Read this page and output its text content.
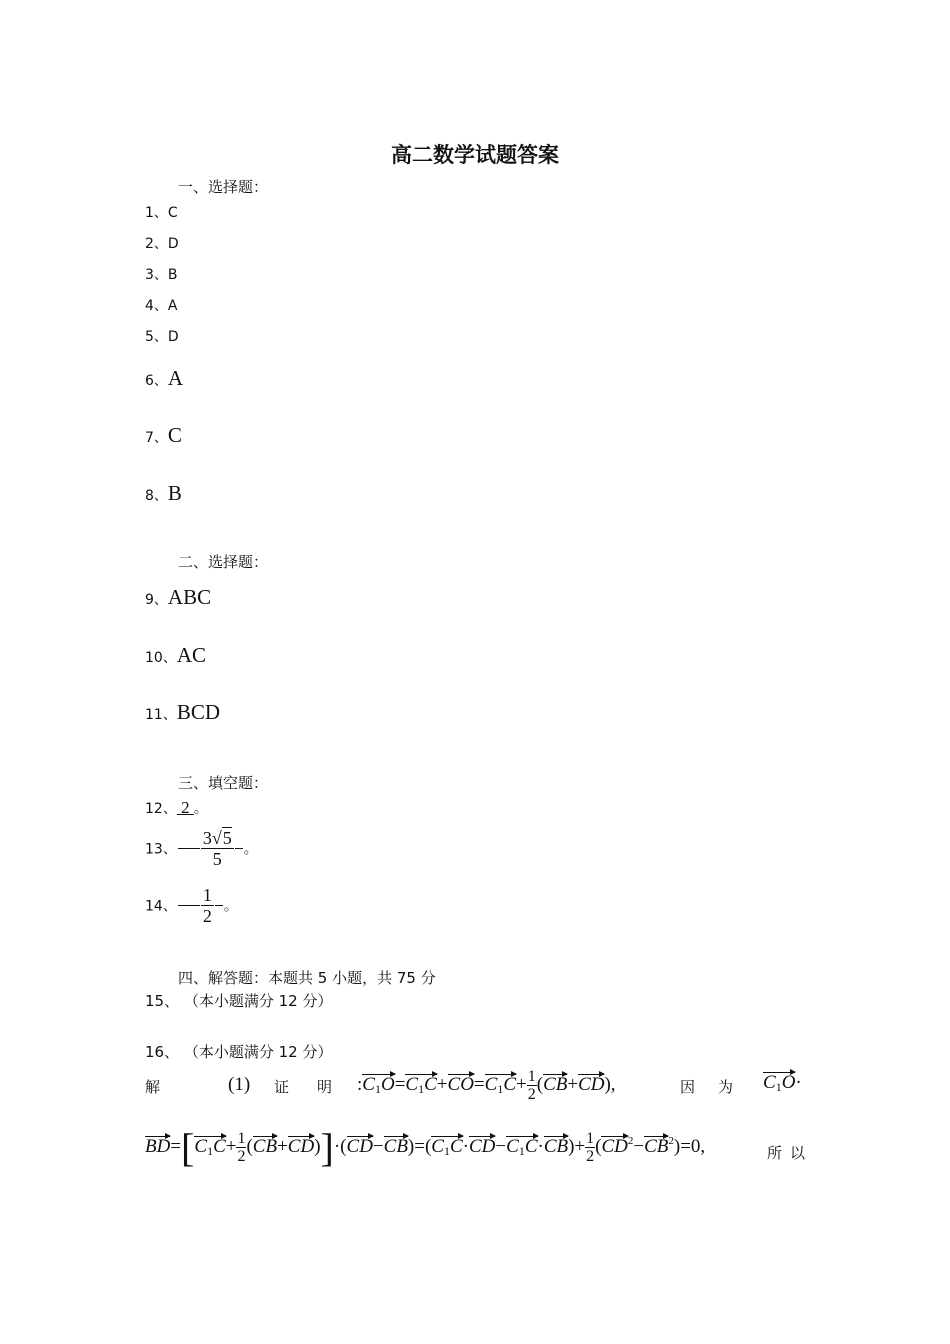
高二数学试题答案
一、选择题：
1、C
2、D
3、B
4、A
5、D
6、A
7、C
8、B
二、选择题：
9、ABC
10、AC
11、BCD
三、填空题：
12、 2 。
13、 $\frac{3√5}{5}$ 。
14、 $\frac{1}{2}$ 。
四、解答题：本题共 5 小题，共 75 分
15、 （本小题满分 12 分）
16、 （本小题满分 12 分）
解	(1) 证 明 $:C_1O=C_1C+CO=C_1C+ \frac{1}{2} (CB+CD)$,	因 为 $C_1O\cdot$
$BD=[C_1C+ \frac{1}{2} (CB+CD)]\cdot(CD-CB)=(C_1C\cdot CD-C_1C\cdot CB)+ \frac{1}{2} (CD^2-CB^2)=0$,	所 以
